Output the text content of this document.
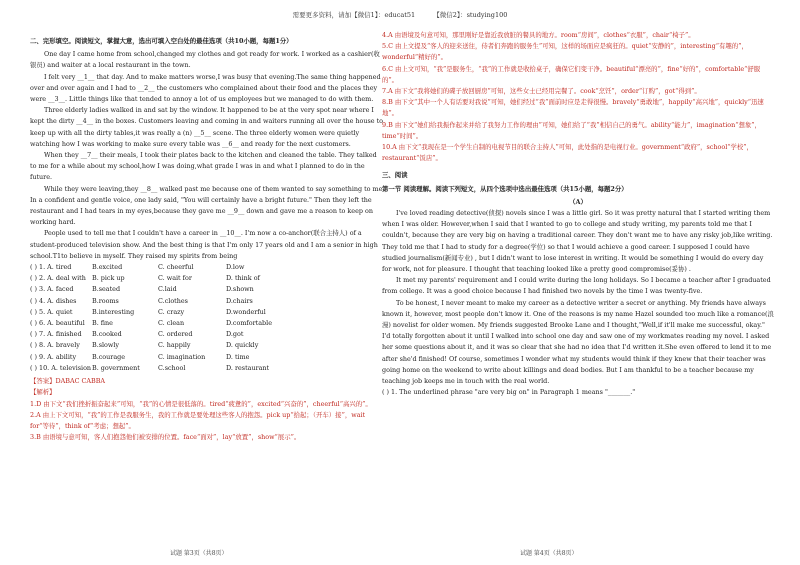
需要更多资料，请加【微信1】：educat51	【微信2】：studying100
二、完形填空。阅读短文，掌握大意，选出可填入空白处的最佳选项（共10小题，每题1分）

One day I came home from school,changed my clothes and got ready for work. I worked as a cashier(收银员) and waiter at a local restaurant in the town.

I felt very __1__ that day. And to make matters worse,I was busy that evening.The same thing happened over and over again and I had to __2__ the customers who complained about their food and the places they were __3__. Little things like that tended to annoy a lot of us employees but we managed to do with them.

Three elderly ladies walked in and sat by the window. It happened to be at the very spot near where I kept the dirty __4__ in the boxes. Customers leaving and coming in and waiters running all over the house to keep up with all the dirty tables,it was really a (n) __5__ scene. The three elderly women were quietly watching how I was working to make sure every table was __6__ and ready for the next customers.

When they __7__ their meals, I took their plates back to the kitchen and cleaned the table. They talked to me for a while about my school,how I was doing,what grade I was in and what I planned to do in the future.

While they were leaving,they __8__ walked past me because one of them wanted to say something to me. In a confident and gentle voice, one lady said, "You will certainly have a bright future." Then they left the restaurant and I had tears in my eyes,because they gave me __9__ down and gave me a reason to keep on working hard.

People used to tell me that I couldn't have a career in __10__. I'm now a co-anchor(联合主持人) of a student-produced television show. And the best thing is that I'm only 17 years old and I am a senior in high school.T1to believe in myself. They raised my spirits from being

( ) 1. A. tired	B.excited	C. cheerful	D.low
( ) 2. A. deal with B. pick up	C. wait for	D. think of
( ) 3. A. faced	B.seated	C.laid	D.shown
( ) 4. A. dishes	B.rooms	C.clothes	D.chairs
( ) 5. A. quiet	B.interesting	C. crazy	D.wonderful
( ) 6. A. beautiful	B. fine	C. clean	D.comfortable
( ) 7. A. finished	B.cooked	C. ordered	D.got
( ) 8. A. bravely	B.slowly	C. happily	D. quickly
( ) 9. A. ability	B.courage	C. imagination	D. time
( ) 10. A. television B. government	C.school	D. restaurant
【答案】DABAC CABBA
【解析】
1.D 由下文“我们挫折振奋起来”可知，“我”的心情是很低落的。tired“疲惫的”，excited“兴奋的”，cheerful“高兴的”。
2.A 由上下文可知，“我”的工作是我服务生，我的工作就是要处理这些客人的抱怨。pick up“拾起；（开车）接”，wait for“等待”，think of“考虑；想起”。
3.B 由语境与意可知，客人们抱怨他们被安排的位置。face“面对”，lay“放置”，show“展示”。
试题 第3页（共8页）
4.A 由语境及句意可知，那里刚好是靠近我放脏的餐具的地方。room“房间”，clothes“衣服”，chair“椅子”。
5.C 由上文提及“客人的迎来送往，侍者们奔跑的服务生”可知，这样的场面应是疯狂的。quiet“安静的”，interesting“有趣的”，wonderful“精好的”。
6.C 由上文可知，“我”是服务生，“我”的工作就是收拾桌子，确保它们变干净。beautiful“漂亮的”，fine“好的”，comfortable“舒服的”。
7.A 由下文“我将她们的碟子放回厨房”可知，这些女士已经用完餐了。cook“烹饪”，order“订购”，got“得到”。
8.B 由下文“其中一个人有话要对我说”可知，她们经过“我”面前时应是走得很慢。bravely“勇敢地”，happily“高兴地”，quickly“迅速地”。
9.B 由下文“她们给我振作起来并给了我努力工作的理由”可知，她们给了“我”相信自己的勇气。ability“能力”，imagination“想象”，time“时间”。
10.A 由下文“我现在是一个学生自制的电视节目的联合主持人”可知，此处指的是电视行业。government“政府”，school“学校”，restaurant“饭店”。
三、阅读
第一节 阅读理解。阅读下列短文，从四个选项中选出最佳选项（共15小题，每题2分）

（A）

I've loved reading detective(侦探) novels since I was a little girl. So it was pretty natural that I started writing them when I was older. However,when I said that I wanted to go to college and study writing, my parents told me that I couldn't, because they are very big on having a traditional career. They don't want me to have any risky job,like writing. They told me that I had to study for a degree(学位) so that I would achieve a good career. I supposed I could have studied journalism(新闻专业) , but I didn't want to lose interest in writing. It would be something I would do every day for work, not for pleasure. I thought that teaching looked like a pretty good compromise(妥协) .

It met my parents' requirement and I could write during the long holidays. So I became a teacher after I graduated from college. It was a good choice because I had finished two novels by the time I was twenty-five.

To be honest, I never meant to make my career as a detective writer a secret or anything. My friends have always known it, however, most people don't know it. One of the reasons is my name Hazel sounded too much like a romance(浪漫) novelist for older women. My friends suggested Brooke Lane and I thought,"Well,if it'll make me successful, okay." I'd totally forgotten about it until I walked into school one day and saw one of my workmates reading my novel. I asked her some questions about it, and it was so clear that she had no idea that I'd written it.She even offered to lend it to me after she'd finished! Of course, sometimes I wonder what my students would think if they knew that their teacher was going home on the weekend to write about killings and dead bodies. But I am thankful to be a teacher because my teaching job keeps me in touch with the real world.

( ) 1. The underlined phrase "are very big on" in Paragraph 1 means "_______."

试题 第4页（共8页）
